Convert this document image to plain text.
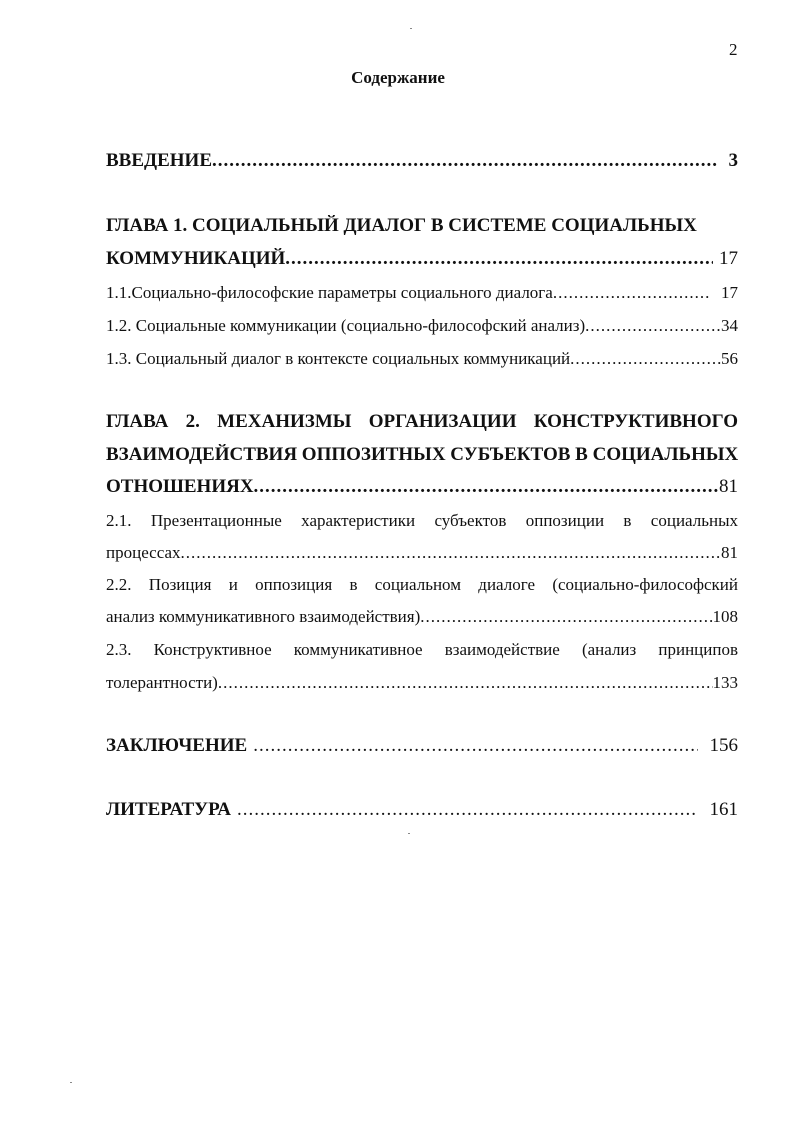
2
Содержание
ВВЕДЕНИЕ .....	3
ГЛАВА 1. СОЦИАЛЬНЫЙ ДИАЛОГ В СИСТЕМЕ СОЦИАЛЬНЫХ
КОММУНИКАЦИЙ .....	17
1.1.Социально-философские параметры социального диалога .....	17
1.2. Социальные коммуникации (социально-философский анализ) .....	34
1.3. Социальный диалог в контексте социальных коммуникаций .....	56
ГЛАВА 2. МЕХАНИЗМЫ ОРГАНИЗАЦИИ КОНСТРУКТИВНОГО
ВЗАИМОДЕЙСТВИЯ ОППОЗИТНЫХ СУБЪЕКТОВ В СОЦИАЛЬНЫХ
ОТНОШЕНИЯХ .....	81
2.1. Презентационные характеристики субъектов оппозиции в социальных
процессах .....	81
2.2. Позиция и оппозиция в социальном диалоге (социально-философский
анализ коммуникативного взаимодействия) .....	108
2.3. Конструктивное коммуникативное взаимодействие (анализ принципов
толерантности) .....	133
ЗАКЛЮЧЕНИЕ .....	156
ЛИТЕРАТУРА .....	161
